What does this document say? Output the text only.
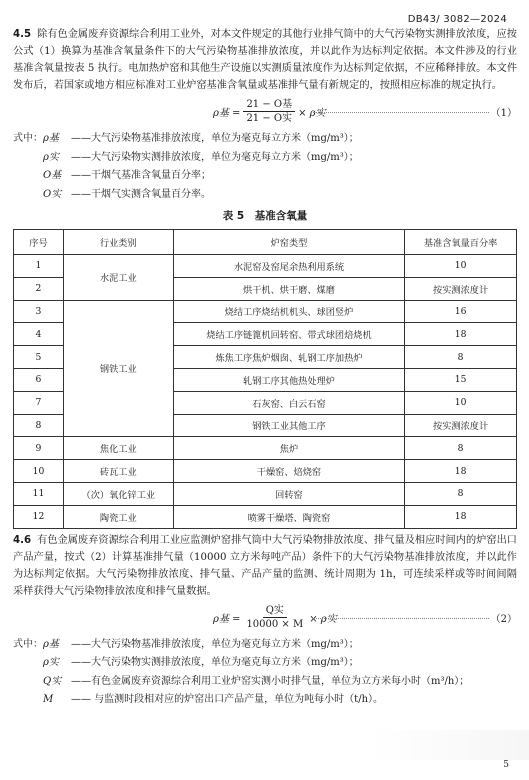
DB43/ 3082—2024

4.5 除有色金属废弃资源综合利用工业外，对本文件规定的其他行业排气筒中的大气污染物实测排放浓度，应按公式（1）换算为基准含氧量条件下的大气污染物基准排放浓度，并以此作为达标判定依据。本文件涉及的行业基准含氧量按表 5 执行。电加热炉窑和其他生产设施以实测质量浓度作为达标判定依据，不应稀释排放。本文件发布后，若国家或地方相应标准对工业炉窑基准含氧量或基准排气量有新规定的，按照相应标准的规定执行。

ρ基 = $\frac{\text{21 − O基}}{\text{21 − O实}} \times \rho$实	（1）
式中： ρ基	——大气污染物基准排放浓度，单位为毫克每立方米（mg/m³）；
ρ实	——大气污染物实测排放浓度，单位为毫克每立方米（mg/m³）；
O基 ——干烟气基准含氧量百分率；
O实 ——干烟气实测含氧量百分率。
表 5　基准含氧量
序号	行业类别	炉窑类型	基准含氧量百分率
1	水泥工业	水泥窑及窑尾余热利用系统	10
2		烘干机、烘干磨、煤磨	按实测浓度计
3	钢铁工业	烧结工序烧结机机头、球团竖炉	16
4		烧结工序链篦机回转窑、带式球团焙烧机	18
5		炼焦工序焦炉烟囱、轧钢工序加热炉	8
6		轧钢工序其他热处理炉	15
7		石灰窑、白云石窑	10
8		钢铁工业其他工序	按实测浓度计
9	焦化工业	焦炉	8
10	砖瓦工业	干燥窑、焙烧窑	18
11	（次）氧化锌工业	回转窑	8
12	陶瓷工业	喷雾干燥塔、陶瓷窑	18

4.6 有色金属废弃资源综合利用工业应监测炉窑排气筒中大气污染物排放浓度、排气量及相应时间内的炉窑出口产品产量，按式（2）计算基准排气量（10000 立方米每吨产品）条件下的大气污染物基准排放浓度，并以此作为达标判定依据。大气污染物排放浓度、排气量、产品产量的监测、统计周期为 1h，可连续采样或等时间间隔采样获得大气污染物排放浓度和排气量数据。

ρ基 = $\frac{\text{Q实}}{10000 \times M} \times \rho$实	（2）
式中： ρ基	——大气污染物基准排放浓度，单位为毫克每立方米（mg/m³）；
ρ实	——大气污染物实测排放浓度，单位为毫克每立方米（mg/m³）；
Q实 ——有色金属废弃资源综合利用工业炉窑实测小时排气量，单位为立方米每小时（m³/h）；
M	—— 与监测时段相对应的炉窑出口产品产量，单位为吨每小时（t/h）。
5
